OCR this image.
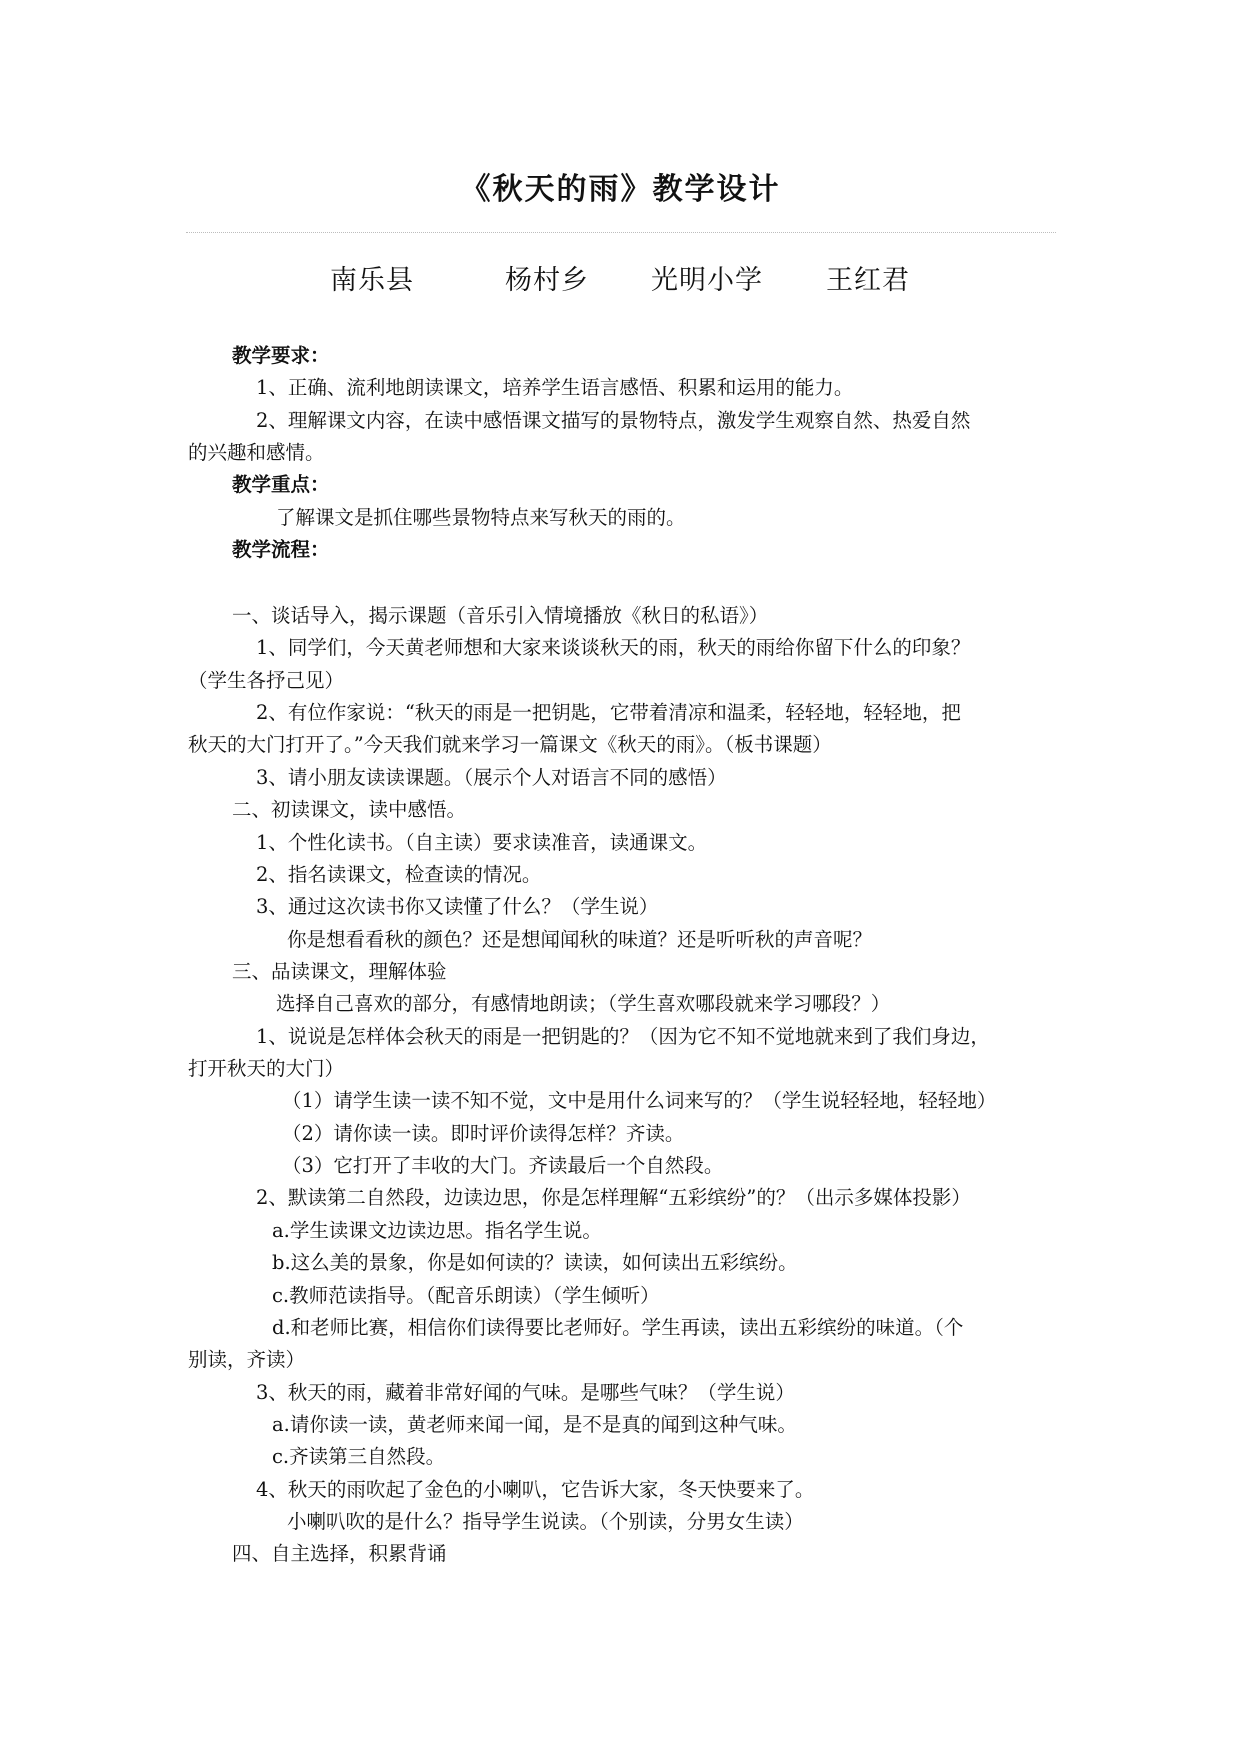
《秋天的雨》教学设计
南乐县	杨村乡 光明小学 王红君
教学要求：
1、正确、流利地朗读课文，培养学生语言感悟、积累和运用的能力。
2、理解课文内容，在读中感悟课文描写的景物特点，激发学生观察自然、热爱自然
的兴趣和感情。
教学重点：
了解课文是抓住哪些景物特点来写秋天的雨的。
教学流程：
一、谈话导入，揭示课题（音乐引入情境播放《秋日的私语》）
1、同学们，今天黄老师想和大家来谈谈秋天的雨，秋天的雨给你留下什么的印象？
（学生各抒己见）
2、有位作家说：“秋天的雨是一把钥匙，它带着清凉和温柔，轻轻地，轻轻地，把
秋天的大门打开了。”今天我们就来学习一篇课文《秋天的雨》。（板书课题）
3、请小朋友读读课题。（展示个人对语言不同的感悟）
二、初读课文，读中感悟。
1、个性化读书。（自主读）要求读准音，读通课文。
2、指名读课文，检查读的情况。
3、通过这次读书你又读懂了什么？（学生说）
你是想看看秋的颜色？还是想闻闻秋的味道？还是听听秋的声音呢？
三、品读课文，理解体验
选择自己喜欢的部分，有感情地朗读；（学生喜欢哪段就来学习哪段？）
1、说说是怎样体会秋天的雨是一把钥匙的？（因为它不知不觉地就来到了我们身边，
打开秋天的大门）
（1）请学生读一读不知不觉，文中是用什么词来写的？（学生说轻轻地，轻轻地）
（2）请你读一读。即时评价读得怎样？齐读。
（3）它打开了丰收的大门。齐读最后一个自然段。
2、默读第二自然段，边读边思，你是怎样理解“五彩缤纷”的？（出示多媒体投影）
a.学生读课文边读边思。指名学生说。
b.这么美的景象，你是如何读的？读读，如何读出五彩缤纷。
c.教师范读指导。（配音乐朗读）（学生倾听）
d.和老师比赛，相信你们读得要比老师好。学生再读，读出五彩缤纷的味道。（个
别读，齐读）
3、秋天的雨，藏着非常好闻的气味。是哪些气味？（学生说）
a.请你读一读，黄老师来闻一闻，是不是真的闻到这种气味。
c.齐读第三自然段。
4、秋天的雨吹起了金色的小喇叭，它告诉大家，冬天快要来了。
小喇叭吹的是什么？指导学生说读。（个别读，分男女生读）
四、自主选择，积累背诵
